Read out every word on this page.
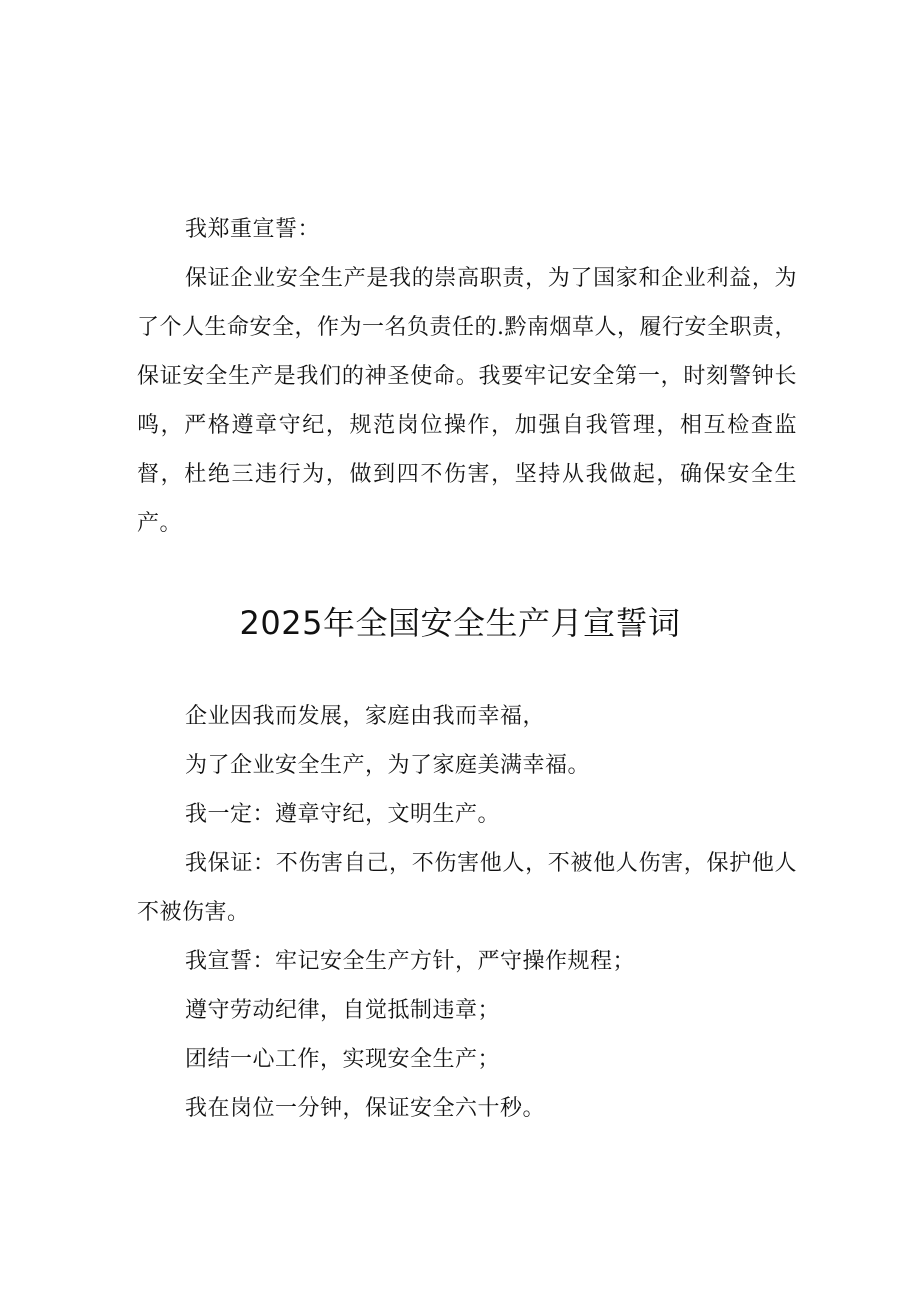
我郑重宣誓：

保证企业安全生产是我的崇高职责，为了国家和企业利益，为了个人生命安全，作为一名负责任的.黔南烟草人，履行安全职责，保证安全生产是我们的神圣使命。我要牢记安全第一，时刻警钟长鸣，严格遵章守纪，规范岗位操作，加强自我管理，相互检查监督，杜绝三违行为，做到四不伤害，坚持从我做起，确保安全生产。

2025年全国安全生产月宣誓词

企业因我而发展，家庭由我而幸福，

为了企业安全生产，为了家庭美满幸福。

我一定：遵章守纪，文明生产。

我保证：不伤害自己，不伤害他人，不被他人伤害，保护他人不被伤害。

我宣誓：牢记安全生产方针，严守操作规程；

遵守劳动纪律，自觉抵制违章；

团结一心工作，实现安全生产；

我在岗位一分钟，保证安全六十秒。
